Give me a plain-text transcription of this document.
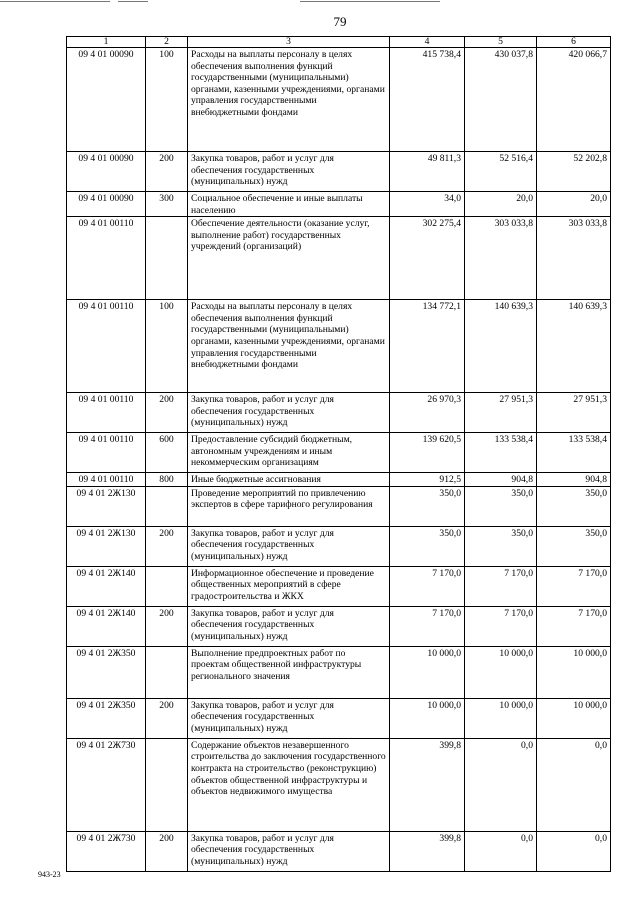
79
1	2	3	4	5	6
09 4 01 00090	100	Расходы на выплаты персоналу в целях обеспечения выполнения функций государственными (муниципальными) органами, казенными учреждениями, органами управления государственными внебюджетными фондами	415 738,4	430 037,8	420 066,7
09 4 01 00090	200	Закупка товаров, работ и услуг для обеспечения государственных (муниципальных) нужд	49 811,3	52 516,4	52 202,8
09 4 01 00090	300	Социальное обеспечение и иные выплаты населению	34,0	20,0	20,0
09 4 01 00110		Обеспечение деятельности (оказание услуг, выполнение работ) государственных учреждений (организаций)	302 275,4	303 033,8	303 033,8
09 4 01 00110	100	Расходы на выплаты персоналу в целях обеспечения выполнения функций государственными (муниципальными) органами, казенными учреждениями, органами управления государственными внебюджетными фондами	134 772,1	140 639,3	140 639,3
09 4 01 00110	200	Закупка товаров, работ и услуг для обеспечения государственных (муниципальных) нужд	26 970,3	27 951,3	27 951,3
09 4 01 00110	600	Предоставление субсидий бюджетным, автономным учреждениям и иным некоммерческим организациям	139 620,5	133 538,4	133 538,4
09 4 01 00110	800	Иные бюджетные ассигнования	912,5	904,8	904,8
09 4 01 2Ж130		Проведение мероприятий по привлечению экспертов в сфере тарифного регулирования	350,0	350,0	350,0
09 4 01 2Ж130	200	Закупка товаров, работ и услуг для обеспечения государственных (муниципальных) нужд	350,0	350,0	350,0
09 4 01 2Ж140		Информационное обеспечение и проведение общественных мероприятий в сфере градостроительства и ЖКХ	7 170,0	7 170,0	7 170,0
09 4 01 2Ж140	200	Закупка товаров, работ и услуг для обеспечения государственных (муниципальных) нужд	7 170,0	7 170,0	7 170,0
09 4 01 2Ж350		Выполнение предпроектных работ по проектам общественной инфраструктуры регионального значения	10 000,0	10 000,0	10 000,0
09 4 01 2Ж350	200	Закупка товаров, работ и услуг для обеспечения государственных (муниципальных) нужд	10 000,0	10 000,0	10 000,0
09 4 01 2Ж730		Содержание объектов незавершенного строительства до заключения государственного контракта на строительство (реконструкцию) объектов общественной инфраструктуры и объектов недвижимого имущества	399,8	0,0	0,0
09 4 01 2Ж730	200	Закупка товаров, работ и услуг для обеспечения государственных (муниципальных) нужд	399,8	0,0	0,0
943-23
